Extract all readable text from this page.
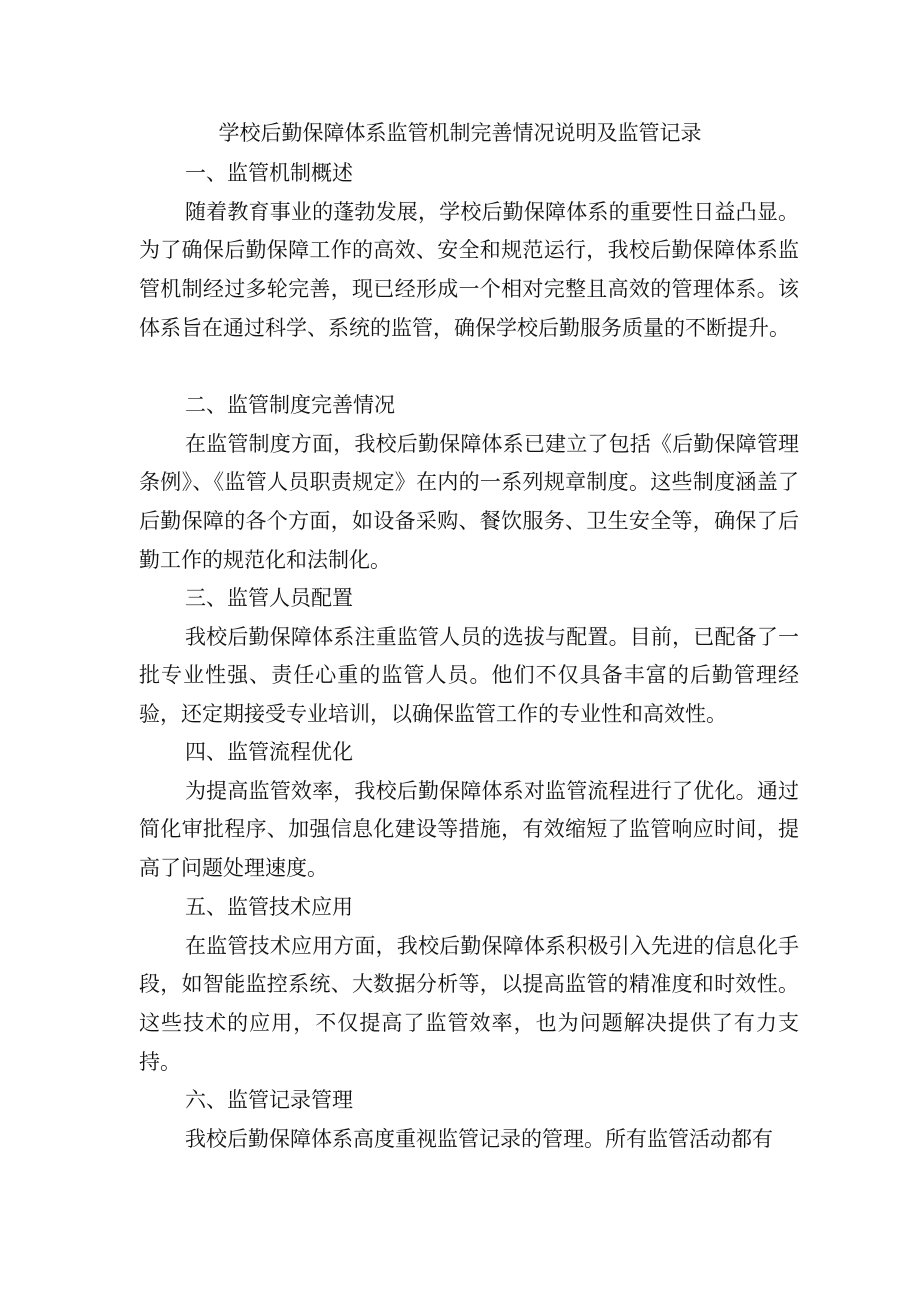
学校后勤保障体系监管机制完善情况说明及监管记录
一、监管机制概述
随着教育事业的蓬勃发展，学校后勤保障体系的重要性日益凸显。为了确保后勤保障工作的高效、安全和规范运行，我校后勤保障体系监管机制经过多轮完善，现已经形成一个相对完整且高效的管理体系。该体系旨在通过科学、系统的监管，确保学校后勤服务质量的不断提升。
二、监管制度完善情况
在监管制度方面，我校后勤保障体系已建立了包括《后勤保障管理条例》、《监管人员职责规定》在内的一系列规章制度。这些制度涵盖了后勤保障的各个方面，如设备采购、餐饮服务、卫生安全等，确保了后勤工作的规范化和法制化。
三、监管人员配置
我校后勤保障体系注重监管人员的选拔与配置。目前，已配备了一批专业性强、责任心重的监管人员。他们不仅具备丰富的后勤管理经验，还定期接受专业培训，以确保监管工作的专业性和高效性。
四、监管流程优化
为提高监管效率，我校后勤保障体系对监管流程进行了优化。通过简化审批程序、加强信息化建设等措施，有效缩短了监管响应时间，提高了问题处理速度。
五、监管技术应用
在监管技术应用方面，我校后勤保障体系积极引入先进的信息化手段，如智能监控系统、大数据分析等，以提高监管的精准度和时效性。这些技术的应用，不仅提高了监管效率，也为问题解决提供了有力支持。
六、监管记录管理
我校后勤保障体系高度重视监管记录的管理。所有监管活动都有
